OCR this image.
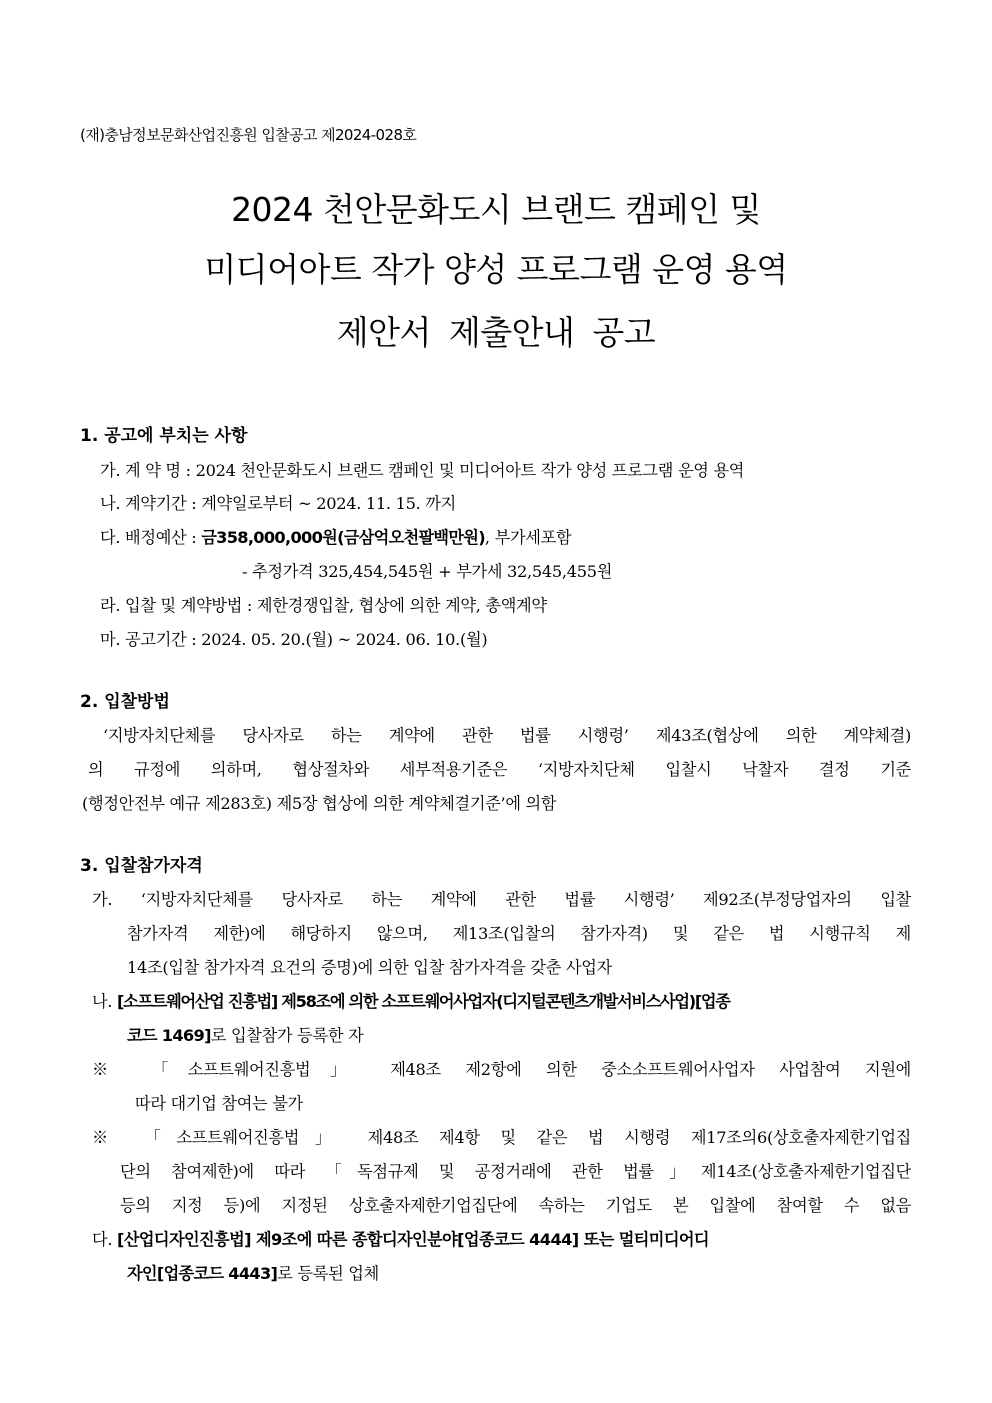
(재)충남정보문화산업진흥원 입찰공고 제2024-028호
2024 천안문화도시 브랜드 캠페인 및
미디어아트 작가 양성 프로그램 운영 용역
제안서 제출안내 공고
1. 공고에 부치는 사항
가. 계 약 명 : 2024 천안문화도시 브랜드 캠페인 및 미디어아트 작가 양성 프로그램 운영 용역
나. 계약기간 : 계약일로부터 ~ 2024. 11. 15. 까지
다. 배정예산 : 금358,000,000원(금삼억오천팔백만원), 부가세포함
- 추정가격 325,454,545원 + 부가세 32,545,455원
라. 입찰 및 계약방법 : 제한경쟁입찰, 협상에 의한 계약, 총액계약
마. 공고기간 : 2024. 05. 20.(월) ~ 2024. 06. 10.(월)
2. 입찰방법
‘지방자치단체를 당사자로 하는 계약에 관한 법률 시행령’ 제43조(협상에 의한 계약체결)
의 규정에 의하며, 협상절차와 세부적용기준은 ‘지방자치단체 입찰시 낙찰자 결정 기준
(행정안전부 예규 제283호) 제5장 협상에 의한 계약체결기준’에 의함
3. 입찰참가자격
가. ‘지방자치단체를 당사자로 하는 계약에 관한 법률 시행령’ 제92조(부정당업자의 입찰
참가자격 제한)에 해당하지 않으며, 제13조(입찰의 참가자격) 및 같은 법 시행규칙 제
14조(입찰 참가자격 요건의 증명)에 의한 입찰 참가자격을 갖춘 사업자
나. [소프트웨어산업 진흥법] 제58조에 의한 소프트웨어사업자(디지털콘텐츠개발서비스사업)[업종
코드 1469]로 입찰참가 등록한 자
※ 「소프트웨어진흥법」 제48조 제2항에 의한 중소소프트웨어사업자 사업참여 지원에
따라 대기업 참여는 불가
※ 「소프트웨어진흥법」 제48조 제4항 및 같은 법 시행령 제17조의6(상호출자제한기업집
단의 참여제한)에 따라 「독점규제 및 공정거래에 관한 법률」제14조(상호출자제한기업집단
등의 지정 등)에 지정된 상호출자제한기업집단에 속하는 기업도 본 입찰에 참여할 수 없음
다. [산업디자인진흥법] 제9조에 따른 종합디자인분야[업종코드 4444] 또는 멀티미디어디
자인[업종코드 4443]로 등록된 업체
